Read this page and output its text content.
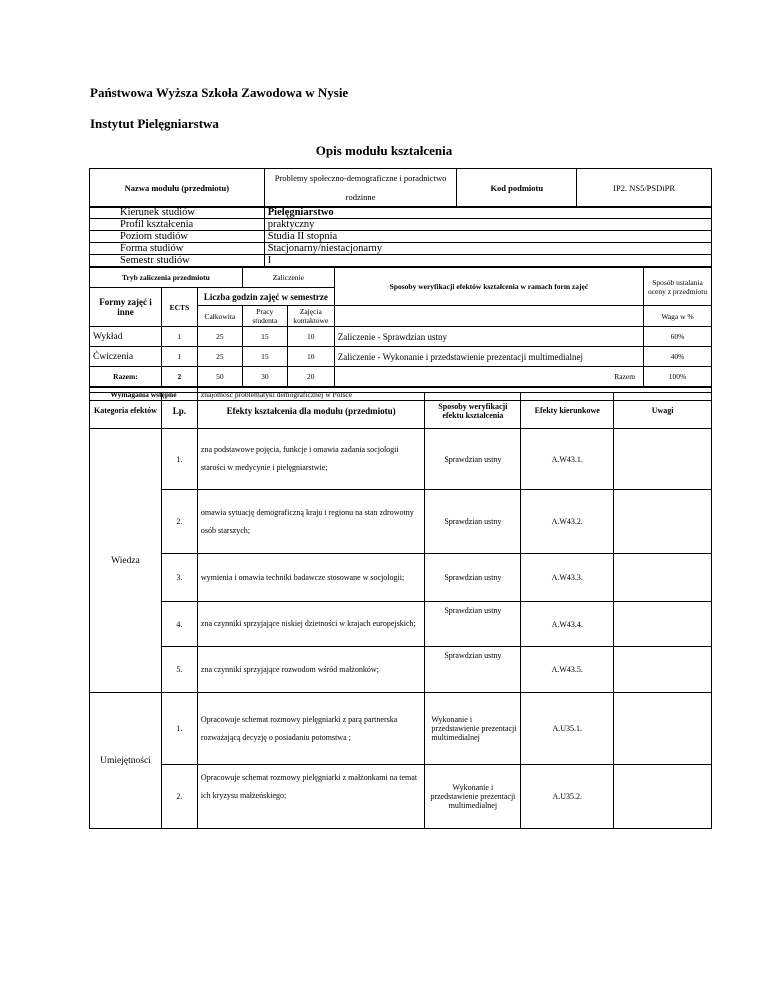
Państwowa Wyższa Szkoła Zawodowa w Nysie
Instytut Pielęgniarstwa
Opis modułu kształcenia
Nazwa modułu (przedmiotu)	Problemy społeczno-demograficzne i poradnictwo rodzinne	Kod podmiotu	IP2. NS5/PSDiPR
Kierunek studiów	Pielęgniarstwo
Profil kształcenia	praktyczny
Poziom studiów	Studia II stopnia
Forma studiów	Stacjonarny/niestacjonarny
Semestr studiów	I
Tryb zaliczenia przedmiotu			Zaliczenie		Sposoby weryfikacji efektów kształcenia w ramach form zajęć	Sposób ustalania oceny z przedmiotu
Formy zajęć i inne	ECTS	Liczba godzin zajęć w semestrze				
		Całkowita	Pracy studenta	Zajęcia kontaktowe		Waga w %
Wykład	1	25	15	10	Zaliczenie - Sprawdzian ustny	60%
Ćwiczenia	1	25	15	10	Zaliczenie - Wykonanie i przedstawienie prezentacji multimedialnej	40%
Razem:	2	50	30	20	Razem	100%
Wymagania wstępne	znajomość problematyki demograficznej w Polsce
Kategoria efektów	Lp.	Efekty kształcenia dla modułu (przedmiotu)	Sposoby weryfikacji efektu kształcenia	Efekty kierunkowe	Uwagi
Wiedza	1.	zna podstawowe pojęcia, funkcje i omawia zadania socjologii starości w medycynie i pielęgniarstwie;	Sprawdzian ustny	A.W43.1.	
	2.	omawia sytuację demograficzną kraju i regionu na stan zdrowotny osób starszych;	Sprawdzian ustny	A.W43.2.	
	3.	wymienia i omawia techniki badawcze stosowane w socjologii;	Sprawdzian ustny	A.W43.3.	
	4.	zna czynniki sprzyjające niskiej dzietności w krajach europejskich;	Sprawdzian ustny	A.W43.4.	
	5.	zna czynniki sprzyjające rozwodom wśród małżonków;	Sprawdzian ustny	A.W43.5.	
Umiejętności	1.	Opracowuje schemat rozmowy pielęgniarki z parą partnerska rozważającą decyzję o posiadaniu potomstwa ;	Wykonanie i przedstawienie prezentacji multimedialnej	A.U35.1.	
	2.	Opracowuje schemat rozmowy pielęgniarki z małżonkami na temat ich kryzysu małżeńskiego;	Wykonanie i przedstawienie prezentacji multimedialnej	A.U35.2.	
